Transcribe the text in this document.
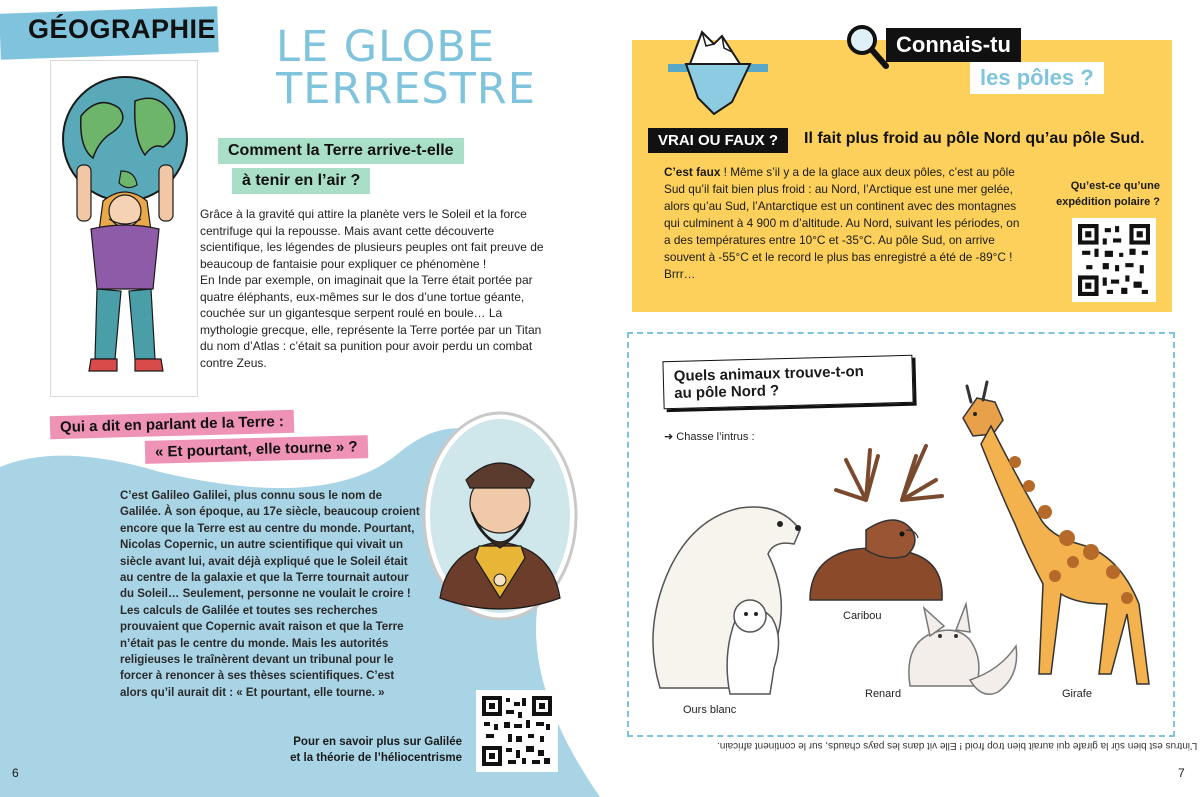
GÉOGRAPHIE LE GLOBE
TERRESTRE
Comment la Terre arrive-t-elle
à tenir en l’air ?

Grâce à la gravité qui attire la planète vers le Soleil et la force centrifuge qui la repousse. Mais avant cette découverte scientifique, les légendes de plusieurs peuples ont fait preuve de beaucoup de fantaisie pour expliquer ce phénomène !

En Inde par exemple, on imaginait que la Terre était portée par quatre éléphants, eux-mêmes sur le dos d’une tortue géante, couchée sur un gigantesque serpent roulé en boule… La mythologie grecque, elle, représente la Terre portée par un Titan du nom d’Atlas : c’était sa punition pour avoir perdu un combat contre Zeus.

Qui a dit en parlant de la Terre :
« Et pourtant, elle tourne » ?
C’est Galileo Galilei, plus connu sous le nom de Galilée. À son époque, au 17e siècle, beaucoup croient encore que la Terre est au centre du monde. Pourtant, Nicolas Copernic, un autre scientifique qui vivait un siècle avant lui, avait déjà expliqué que le Soleil était au centre de la galaxie et que la Terre tournait autour du Soleil… Seulement, personne ne voulait le croire ! Les calculs de Galilée et toutes ses recherches prouvaient que Copernic avait raison et que la Terre n’était pas le centre du monde. Mais les autorités religieuses le traînèrent devant un tribunal pour le forcer à renoncer à ses thèses scientifiques. C’est alors qu’il aurait dit : « Et pourtant, elle tourne. »
Pour en savoir plus sur Galilée
et la théorie de l’héliocentrisme
6
Connais-tu
les pôles ?
VRAI OU FAUX ?	Il fait plus froid au pôle Nord qu’au pôle Sud.
C’est faux ! Même s’il y a de la glace aux deux pôles, c’est au pôle Sud qu’il fait bien plus froid : au Nord, l’Arctique est une mer gelée, alors qu’au Sud, l’Antarctique est un continent avec des montagnes qui culminent à 4 900 m d’altitude. Au Nord, suivant les périodes, on a des températures entre 10°C et -35°C. Au pôle Sud, on arrive souvent à -55°C et le record le plus bas enregistré a été de -89°C ! Brrr…
Qu’est-ce qu’une
expédition polaire ?
Quels animaux trouve-t-on
au pôle Nord ?
➜ Chasse l’intrus :
Ours blanc
Caribou
Renard	Girafe
L’intrus est bien sûr la girafe qui aurait bien trop froid ! Elle vit dans les pays chauds, sur le continent africain.
7
